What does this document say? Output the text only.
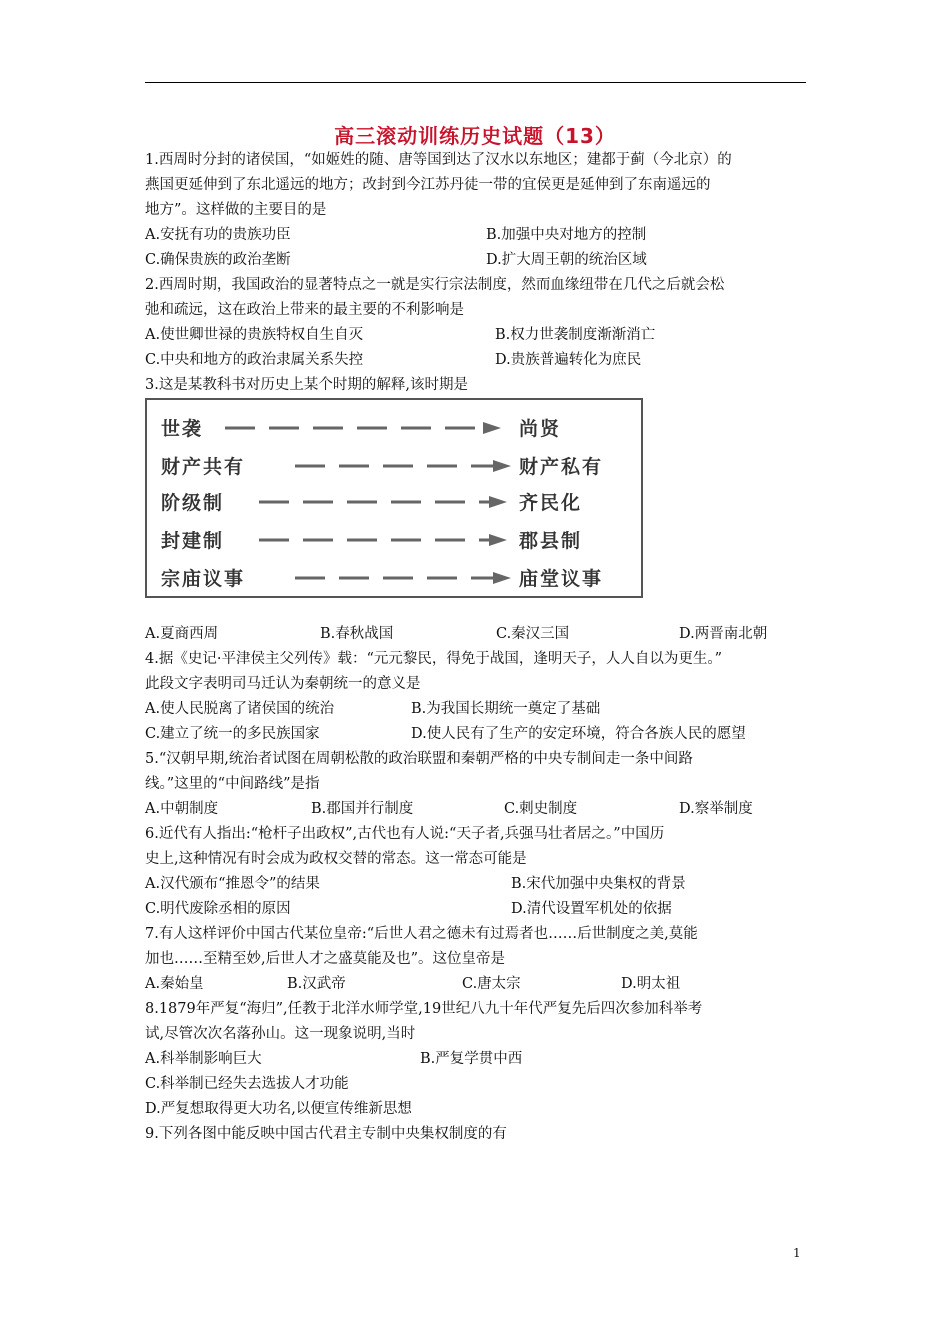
高三滚动训练历史试题（13）
1.西周时分封的诸侯国，“如姬姓的随、唐等国到达了汉水以东地区；建都于蓟（今北京）的
燕国更延伸到了东北遥远的地方；改封到今江苏丹徒一带的宜侯更是延伸到了东南遥远的
地方”。这样做的主要目的是
A.安抚有功的贵族功臣	B.加强中央对地方的控制
C.确保贵族的政治垄断	D.扩大周王朝的统治区域
2.西周时期，我国政治的显著特点之一就是实行宗法制度，然而血缘纽带在几代之后就会松
弛和疏远，这在政治上带来的最主要的不利影响是
A.使世卿世禄的贵族特权自生自灭	B.权力世袭制度渐渐消亡
C.中央和地方的政治隶属关系失控	D.贵族普遍转化为庶民
3.这是某教科书对历史上某个时期的解释,该时期是
世袭	尚贤
财产共有	财产私有
阶级制	齐民化
封建制	郡县制
宗庙议事	庙堂议事
A.夏商西周	B.春秋战国	C.秦汉三国	D.两晋南北朝
4.据《史记·平津侯主父列传》载：“元元黎民，得免于战国，逢明天子，人人自以为更生。”
此段文字表明司马迁认为秦朝统一的意义是
A.使人民脱离了诸侯国的统治	B.为我国长期统一奠定了基础
C.建立了统一的多民族国家	D.使人民有了生产的安定环境，符合各族人民的愿望
5.“汉朝早期,统治者试图在周朝松散的政治联盟和秦朝严格的中央专制间走一条中间路
线。”这里的“中间路线”是指
A.中朝制度	B.郡国并行制度	C.刺史制度	D.察举制度
6.近代有人指出:“枪杆子出政权”,古代也有人说:“天子者,兵强马壮者居之。”中国历
史上,这种情况有时会成为政权交替的常态。这一常态可能是
A.汉代颁布“推恩令”的结果	B.宋代加强中央集权的背景
C.明代废除丞相的原因	D.清代设置军机处的依据
7.有人这样评价中国古代某位皇帝:“后世人君之德未有过焉者也……后世制度之美,莫能
加也……至精至妙,后世人才之盛莫能及也”。这位皇帝是
A.秦始皇	B.汉武帝	C.唐太宗	D.明太祖
8.1879年严复“海归”,任教于北洋水师学堂,19世纪八九十年代严复先后四次参加科举考
试,尽管次次名落孙山。这一现象说明,当时
A.科举制影响巨大	B.严复学贯中西
C.科举制已经失去选拔人才功能
D.严复想取得更大功名,以便宣传维新思想
9.下列各图中能反映中国古代君主专制中央集权制度的有
1
